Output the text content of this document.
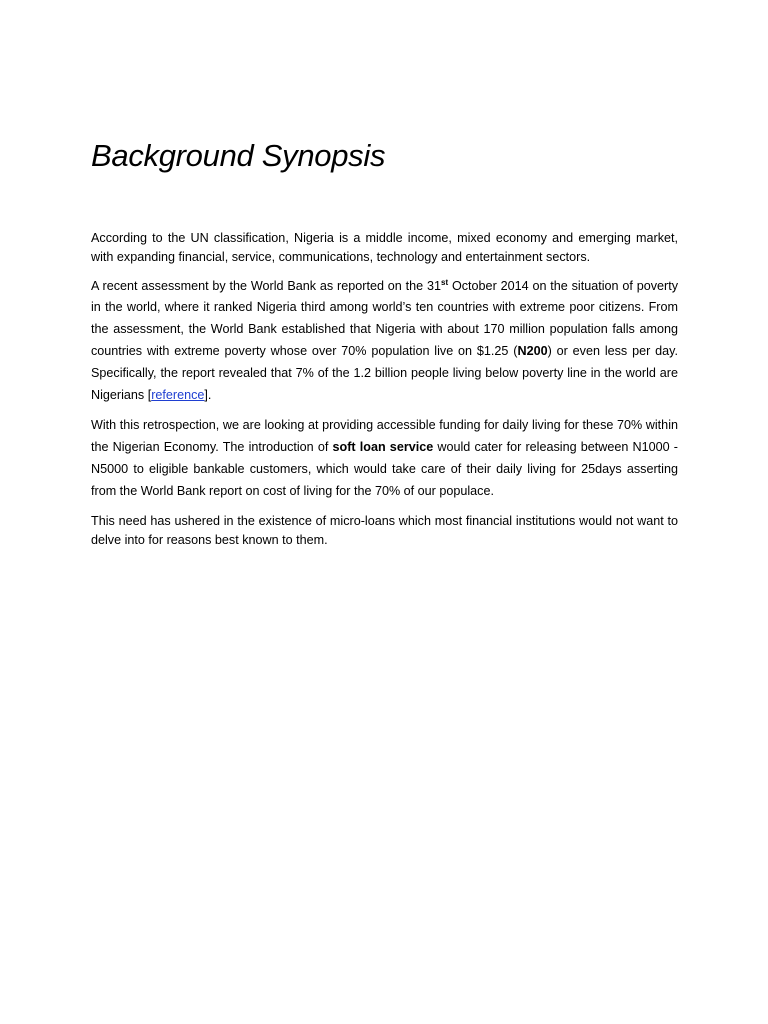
Background Synopsis

According to the UN classification, Nigeria is a middle income, mixed economy and emerging market, with expanding financial, service, communications, technology and entertainment sectors.

A recent assessment by the World Bank as reported on the 31st October 2014 on the situation of poverty in the world, where it ranked Nigeria third among world’s ten countries with extreme poor citizens. From the assessment, the World Bank established that Nigeria with about 170 million population falls among countries with extreme poverty whose over 70% population live on $1.25 (N200) or even less per day. Specifically, the report revealed that 7% of the 1.2 billion people living below poverty line in the world are Nigerians [reference].

With this retrospection, we are looking at providing accessible funding for daily living for these 70% within the Nigerian Economy. The introduction of soft loan service would cater for releasing between N1000 - N5000 to eligible bankable customers, which would take care of their daily living for 25days asserting from the World Bank report on cost of living for the 70% of our populace.

This need has ushered in the existence of micro-loans which most financial institutions would not want to delve into for reasons best known to them.
